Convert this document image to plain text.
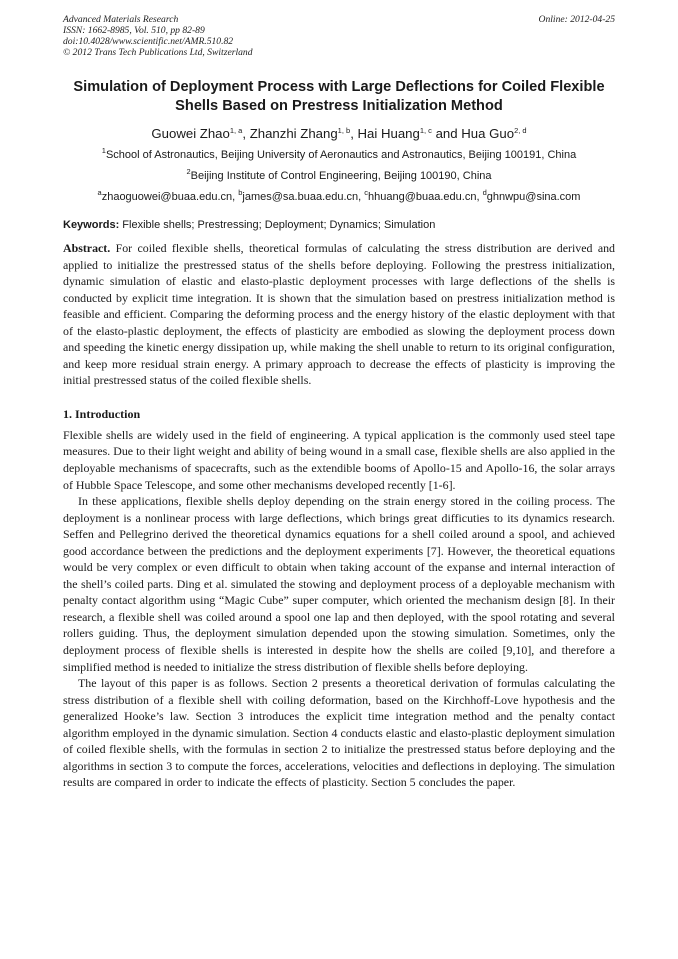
Advanced Materials Research
ISSN: 1662-8985, Vol. 510, pp 82-89
doi:10.4028/www.scientific.net/AMR.510.82
© 2012 Trans Tech Publications Ltd, Switzerland
Online: 2012-04-25
Simulation of Deployment Process with Large Deflections for Coiled Flexible Shells Based on Prestress Initialization Method
Guowei Zhao$^{1, a}$, Zhanzhi Zhang$^{1, b}$, Hai Huang$^{1, c}$ and Hua Guo$^{2, d}$
$^1$School of Astronautics, Beijing University of Aeronautics and Astronautics, Beijing 100191, China
$^2$Beijing Institute of Control Engineering, Beijing 100190, China
$^a$zhaoguowei@buaa.edu.cn, $^b$james@sa.buaa.edu.cn, $^c$hhuang@buaa.edu.cn, $^d$ghnwpu@sina.com
Keywords: Flexible shells; Prestressing; Deployment; Dynamics; Simulation
Abstract. For coiled flexible shells, theoretical formulas of calculating the stress distribution are derived and applied to initialize the prestressed status of the shells before deploying. Following the prestress initialization, dynamic simulation of elastic and elasto-plastic deployment processes with large deflections of the shells is conducted by explicit time integration. It is shown that the simulation based on prestress initialization method is feasible and efficient. Comparing the deforming process and the energy history of the elastic deployment with that of the elasto-plastic deployment, the effects of plasticity are embodied as slowing the deployment process down and speeding the kinetic energy dissipation up, while making the shell unable to return to its original configuration, and keep more residual strain energy. A primary approach to decrease the effects of plasticity is improving the initial prestressed status of the coiled flexible shells.
1. Introduction

Flexible shells are widely used in the field of engineering. A typical application is the commonly used steel tape measures. Due to their light weight and ability of being wound in a small case, flexible shells are also applied in the deployable mechanisms of spacecrafts, such as the extendible booms of Apollo-15 and Apollo-16, the solar arrays of Hubble Space Telescope, and some other mechanisms developed recently [1-6].

In these applications, flexible shells deploy depending on the strain energy stored in the coiling process. The deployment is a nonlinear process with large deflections, which brings great difficuties to its dynamics research. Seffen and Pellegrino derived the theoretical dynamics equations for a shell coiled around a spool, and achieved good accordance between the predictions and the deployment experiments [7]. However, the theoretical equations would be very complex or even difficult to obtain when taking account of the expanse and internal interaction of the shell’s coiled parts. Ding et al. simulated the stowing and deployment process of a deployable mechanism with penalty contact algorithm using “Magic Cube” super computer, which oriented the mechanism design [8]. In their research, a flexible shell was coiled around a spool one lap and then deployed, with the spool rotating and several rollers guiding. Thus, the deployment simulation depended upon the stowing simulation. Sometimes, only the deployment process of flexible shells is interested in despite how the shells are coiled [9,10], and therefore a simplified method is needed to initialize the stress distribution of flexible shells before deploying.

The layout of this paper is as follows. Section 2 presents a theoretical derivation of formulas calculating the stress distribution of a flexible shell with coiling deformation, based on the Kirchhoff-Love hypothesis and the generalized Hooke’s law. Section 3 introduces the explicit time integration method and the penalty contact algorithm employed in the dynamic simulation. Section 4 conducts elastic and elasto-plastic deployment simulation of coiled flexible shells, with the formulas in section 2 to initialize the prestressed status before deploying and the algorithms in section 3 to compute the forces, accelerations, velocities and deflections in deploying. The simulation results are compared in order to indicate the effects of plasticity. Section 5 concludes the paper.
